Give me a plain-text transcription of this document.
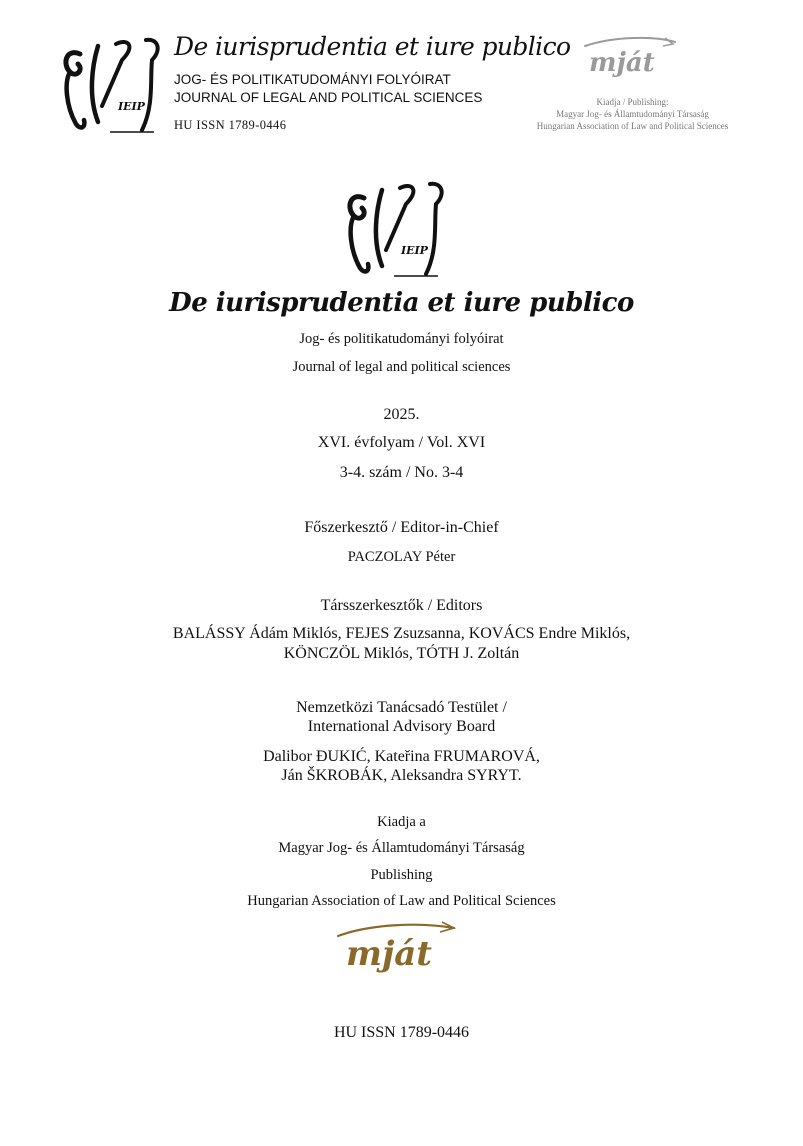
IEIP
De iurisprudentia et iure publico
JOG- ÉS POLITIKATUDOMÁNYI FOLYÓIRAT
JOURNAL OF LEGAL AND POLITICAL SCIENCES
HU ISSN 1789-0446
mját
Kiadja / Publishing:
Magyar Jog- és Államtudományi Társaság
Hungarian Association of Law and Political Sciences
IEIP
De iurisprudentia et iure publico
Jog- és politikatudományi folyóirat
Journal of legal and political sciences
2025.
XVI. évfolyam / Vol. XVI
3-4. szám / No. 3-4
Főszerkesztő / Editor-in-Chief
PACZOLAY Péter
Társszerkesztők / Editors
BALÁSSY Ádám Miklós, FEJES Zsuzsanna, KOVÁCS Endre Miklós,
KÖNCZÖL Miklós, TÓTH J. Zoltán
Nemzetközi Tanácsadó Testület /
International Advisory Board
Dalibor ĐUKIĆ, Kateřina FRUMAROVÁ,
Ján ŠKROBÁK, Aleksandra SYRYT.
Kiadja a
Magyar Jog- és Államtudományi Társaság
Publishing
Hungarian Association of Law and Political Sciences
mját
HU ISSN 1789-0446
